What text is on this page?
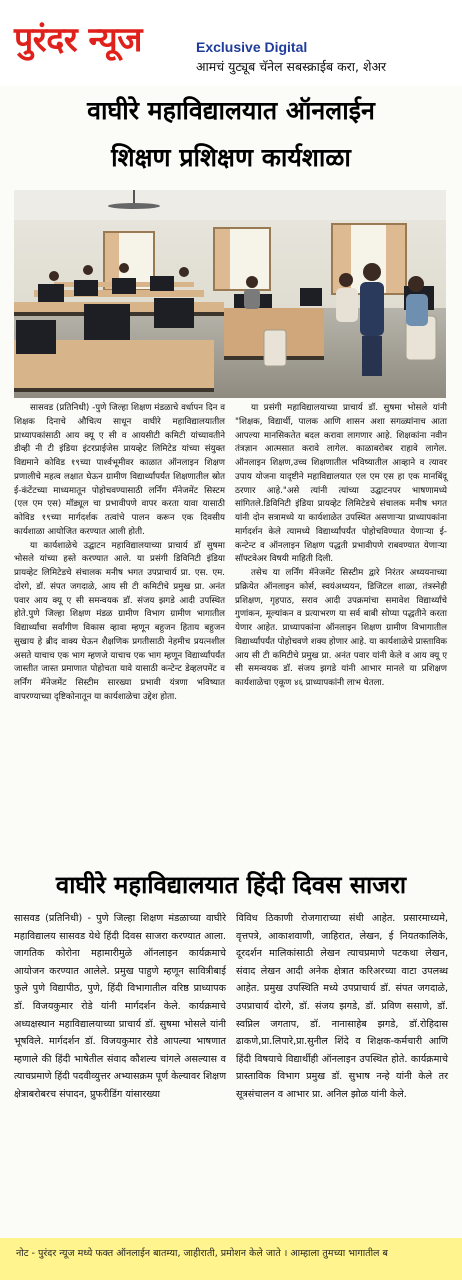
पुरंदर न्यूज	Exclusive Digital
आमचं युट्यूब चॅनेल सबस्क्राईब करा, शेअर
वाघीरे महाविद्यालयात ऑनलाईन
शिक्षण प्रशिक्षण कार्यशाळा

सासवड (प्रतिनिधी) -पुणे जिल्हा शिक्षण मंडळाचे वर्धापन दिन व शिक्षक दिनाचे औचित्य साधून वाघीरे महाविद्यालयातील प्राध्यापकांसाठी आय क्यू ए सी व आयसीटी कमिटी यांच्यावतीने डीव्ही नी टी इंडिया इंटरप्राईजेस प्रायव्हेट लिमिटेड यांच्या संयुक्त विद्यमाने कोविड १९च्या पार्श्वभूमीवर काळात ऑनलाइन शिक्षण प्रणालीचे महत्व लक्षात घेऊन ग्रामीण विद्यार्थ्यांपर्यंत शिक्षणातील स्रोत ई-कंटेंटच्या माध्यमातून पोहोचवण्यासाठी लर्निंग मॅनेजमेंट सिस्टम (एल एम एस) मॉड्यूल चा प्रभावीपणे वापर करता यावा यासाठी कोविड १९च्या मार्गदर्शक तत्वांचे पालन करून एक दिवसीय कार्यशाळा आयोजित करण्यात आली होती.

या कार्यशाळेचे उद्घाटन महाविद्यालयाच्या प्राचार्य डॉ सुषमा भोसले यांच्या हस्ते करण्यात आले. या प्रसंगी डिविनिटी इंडिया प्रायव्हेट लिमिटेडचे संचालक मनीष भगत उपप्राचार्य प्रा. एस. एम. दोरगे, डॉ. संपत जगदाळे, आय सी टी कमिटीचे प्रमुख प्रा. अनंत पवार आय क्यू ए सी समन्वयक डॉ. संजय झगडे आदी उपस्थित होते.पुणे जिल्हा शिक्षण मंडळ ग्रामीण विभाग ग्रामीण भागातील विद्यार्थ्यांचा सर्वांगीण विकास व्हावा म्हणून बहुजन हिताय बहुजन सुखाय हे ब्रीद वाक्य घेऊन शैक्षणिक प्रगतीसाठी नेहमीच प्रयत्नशील असते याचाच एक भाग म्हणजे याचाच एक भाग म्हणून विद्यार्थ्यांपर्यंत जास्तीत जास्त प्रमाणात पोहोचता यावे यासाठी कन्टेन्ट डेव्हलपमेंट व लर्निंग मॅनेजमेंट सिस्टीम सारख्या प्रभावी यंत्रणा भविष्यात वापरण्याच्या दृष्टिकोनातून या कार्यशाळेचा उद्देश होता.

या प्रसंगी महाविद्यालयाच्या प्राचार्य डॉ. सुषमा भोसले यांनी "शिक्षक, विद्यार्थी, पालक आणि शासन अशा सगळ्यांनाच आता आपल्या मानसिकतेत बदल करावा लागणार आहे. शिक्षकांना नवीन तंत्रज्ञान आत्मसात करावे लागेल. काळाबरोबर राहावे लागेल. ऑनलाइन शिक्षण,उच्च शिक्षणातील भविष्यातील आव्हाने व त्यावर उपाय योजना यादृष्टीने महाविद्यालयात एल एम एस हा एक मानबिंदू ठरणार आहे."असे त्यांनी त्यांच्या उद्घाटनपर भाषणामध्ये सांगितले.डिविनिटी इंडिया प्रायव्हेट लिमिटेडचे संचालक मनीष भगत यांनी दोन सत्रामध्ये या कार्यशाळेत उपस्थित असणाऱ्या प्राध्यापकांना मार्गदर्शन केले त्यामध्ये विद्यार्थ्यांपर्यंत पोहोचविण्यात येणाऱ्या ई-कन्टेन्ट व ऑनलाइन शिक्षण पद्धती प्रभावीपणे राबवण्यात येणाऱ्या सॉफ्टवेअर विषयी माहिती दिली.

तसेच या लर्निंग मॅनेजमेंट सिस्टीम द्वारे निरंतर अध्ययनाच्या प्रक्रियेत ऑनलाइन कोर्स, स्वयंअध्ययन, डिजिटल शाळा, तंत्रस्नेही प्रशिक्षण, गृहपाठ, सराव आदी उपक्रमांचा समावेश विद्यार्थ्यांचे गुणांकन, मूल्यांकन व प्रत्याभरण या सर्व बाबी सोप्या पद्धतीने करता येणार आहेत. प्राध्यापकांना ऑनलाइन शिक्षण ग्रामीण विभागातील विद्यार्थ्यांपर्यंत पोहोचवणे शक्य होणार आहे. या कार्यशाळेचे प्रास्ताविक आय सी टी कमिटीचे प्रमुख प्रा. अनंत पवार यांनी केले व आय क्यू ए सी समन्वयक डॉ. संजय झगडे यांनी आभार मानले या प्रशिक्षण कार्यशाळेचा एकूण ४६ प्राध्यापकांनी लाभ घेतला.

वाघीरे महाविद्यालयात हिंदी दिवस साजरा

सासवड (प्रतिनिधी) - पुणे जिल्हा शिक्षण मंडळाच्या वाघीरे महाविद्यालय सासवड येथे हिंदी दिवस साजरा करण्यात आला. जागतिक कोरोना महामारीमुळे ऑनलाइन कार्यक्रमाचे आयोजन करण्यात आलेले. प्रमुख पाहुणे म्हणून सावित्रीबाई फुले पुणे विद्यापीठ, पुणे, हिंदी विभागातील वरिष्ठ प्राध्यापक डॉ. विजयकुमार रोडे यांनी मार्गदर्शन केले. कार्यक्रमाचे अध्यक्षस्थान महाविद्यालयाच्या प्राचार्य डॉ. सुषमा भोसले यांनी भूषविले. मार्गदर्शन डॉ. विजयकुमार रोडे आपल्या भाषणात म्हणाले की हिंदी भाषेतील संवाद कौशल्य चांगले असल्यास व त्याचप्रमाणे हिंदी पदवीव्युत्तर अभ्यासक्रम पूर्ण केल्यावर शिक्षण क्षेत्राबरोबरच संपादन, प्रुफरीडिंग यांसारख्या

विविध ठिकाणी रोजगाराच्या संधी आहेत. प्रसारमाध्यमे, वृत्तपत्रे, आकाशवाणी, जाहिरात, लेखन, ई नियतकालिके, दूरदर्शन मालिकांसाठी लेखन त्याचप्रमाणे पटकथा लेखन, संवाद लेखन आदी अनेक क्षेत्रात करिअरच्या वाटा उपलब्ध आहेत. प्रमुख उपस्थिति मध्ये उपप्राचार्य डॉ. संपत जगदाळे, उपप्राचार्य दोरगे, डॉ. संजय झगडे, डॉ. प्रविण ससाणे, डॉ. स्वप्निल जगताप, डॉ. नानासाहेब झगडे, डॉ.रोहिदास ढाकणे,प्रा.लिपारे,प्रा.सुनील शिंदे व शिक्षक-कर्मचारी आणि हिंदी विषयाचे विद्यार्थीही ऑनलाइन उपस्थित होते. कार्यक्रमाचे प्रास्ताविक विभाग प्रमुख डॉ. सुभाष नन्हे यांनी केले तर सूत्रसंचालन व आभार प्रा. अनिल झोळ यांनी केले.

नोट - पुरंदर न्यूज मध्ये फक्त ऑनलाईन बातम्या, जाहीराती, प्रमोशन केले जाते । आम्हाला तुमच्या भागातील ब
